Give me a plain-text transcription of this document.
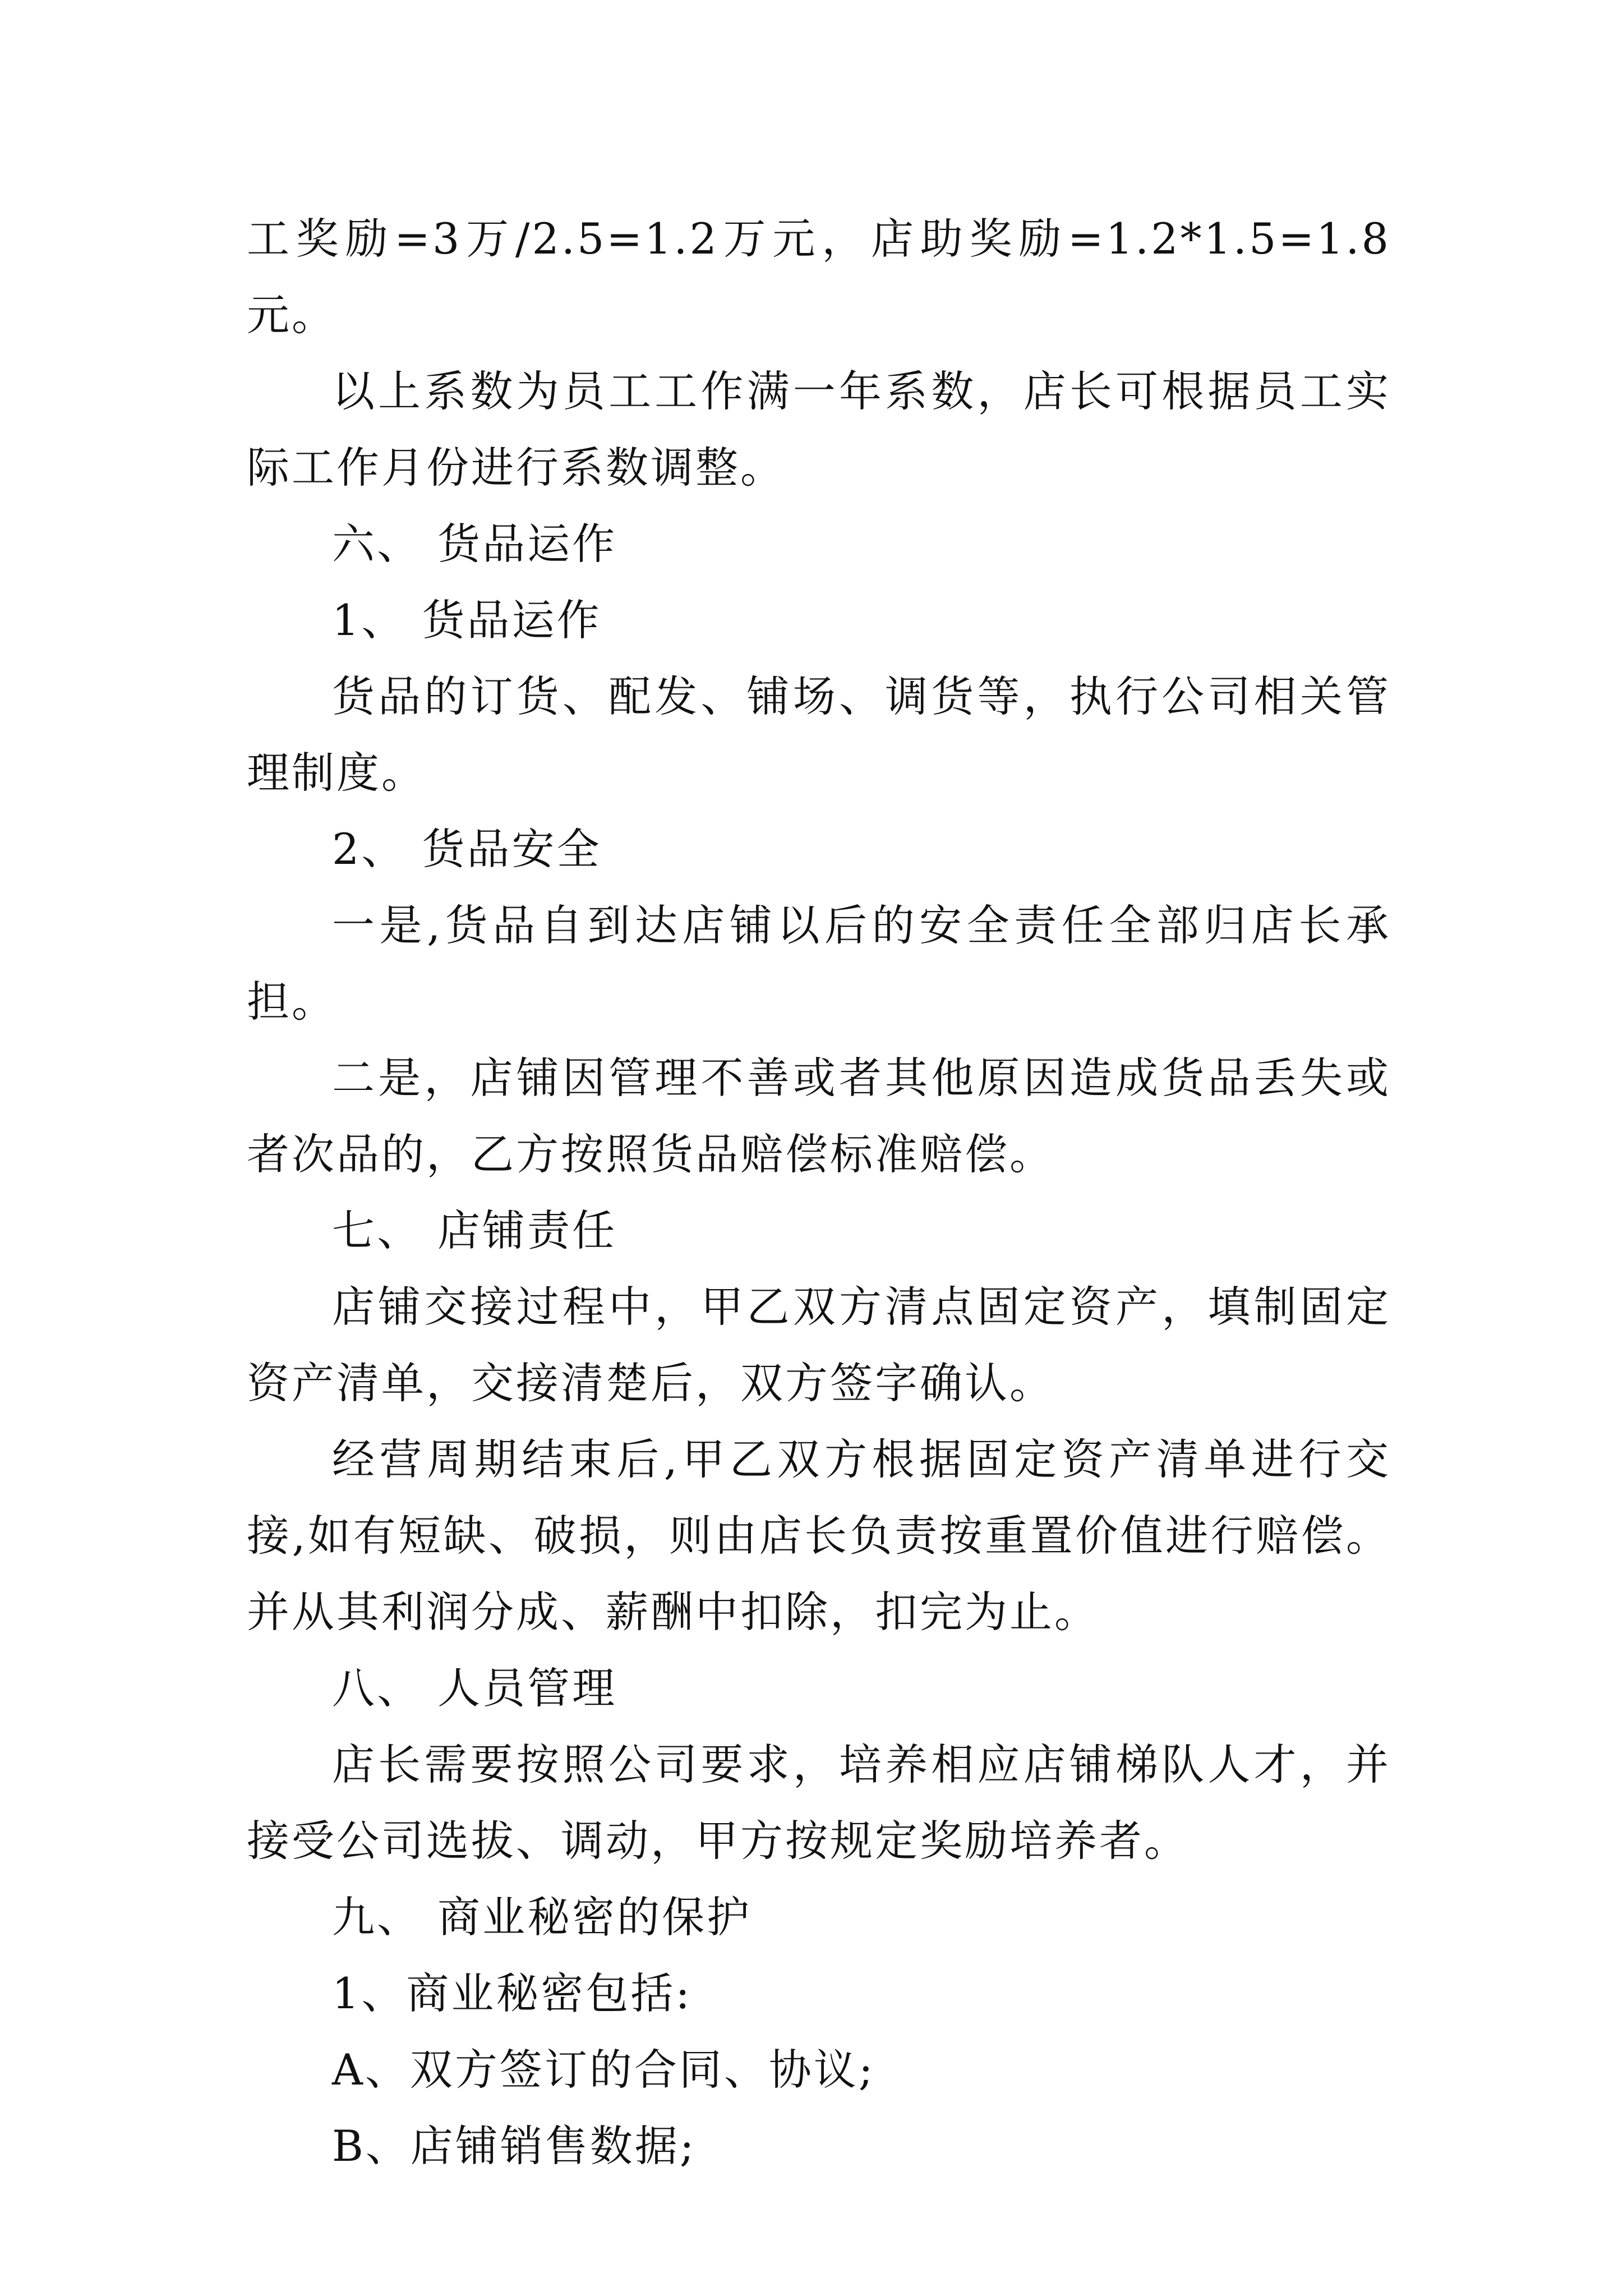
工奖励=3万/2.5=1.2万元，店助奖励=1.2*1.5=1.8元。

以上系数为员工工作满一年系数，店长可根据员工实际工作月份进行系数调整。

六、 货品运作

1、 货品运作

货品的订货、配发、铺场、调货等，执行公司相关管理制度。

2、 货品安全

一是,货品自到达店铺以后的安全责任全部归店长承担。

二是，店铺因管理不善或者其他原因造成货品丢失或者次品的，乙方按照货品赔偿标准赔偿。

七、 店铺责任

店铺交接过程中，甲乙双方清点固定资产，填制固定资产清单，交接清楚后，双方签字确认。

经营周期结束后,甲乙双方根据固定资产清单进行交接,如有短缺、破损，则由店长负责按重置价值进行赔偿。并从其利润分成、薪酬中扣除，扣完为止。

八、 人员管理

店长需要按照公司要求，培养相应店铺梯队人才，并接受公司选拔、调动，甲方按规定奖励培养者。

九、 商业秘密的保护

1、商业秘密包括:

A、双方签订的合同、协议;

B、店铺销售数据;
